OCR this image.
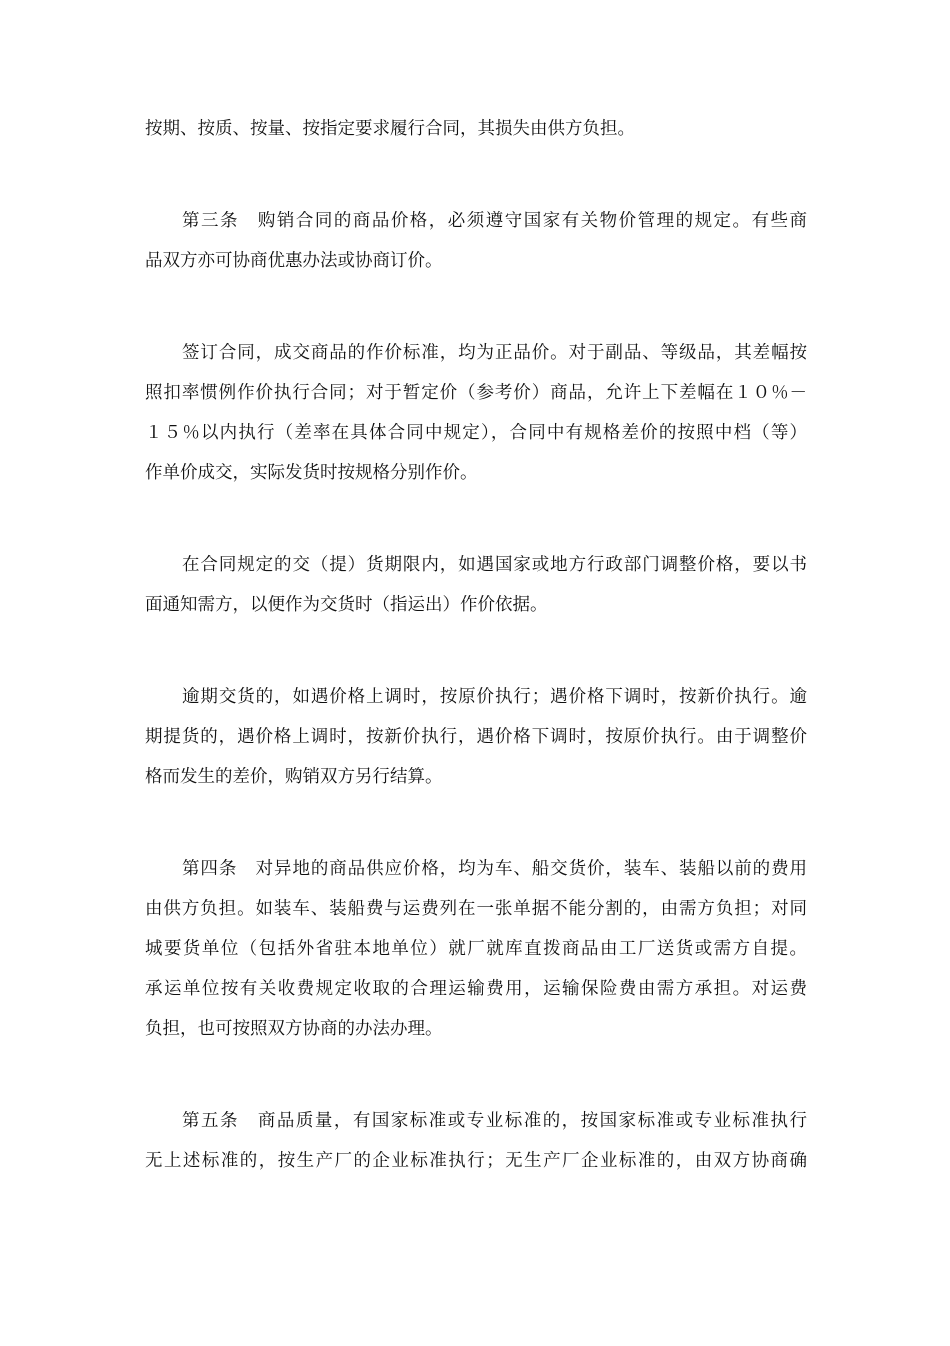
按期、按质、按量、按指定要求履行合同，其损失由供方负担。
第三条　购销合同的商品价格，必须遵守国家有关物价管理的规定。有些商
品双方亦可协商优惠办法或协商订价。
签订合同，成交商品的作价标准，均为正品价。对于副品、等级品，其差幅按
照扣率惯例作价执行合同；对于暂定价（参考价）商品，允许上下差幅在１０％－
１５％以内执行（差率在具体合同中规定），合同中有规格差价的按照中档（等）
作单价成交，实际发货时按规格分别作价。
在合同规定的交（提）货期限内，如遇国家或地方行政部门调整价格，要以书
面通知需方，以便作为交货时（指运出）作价依据。
逾期交货的，如遇价格上调时，按原价执行；遇价格下调时，按新价执行。逾
期提货的，遇价格上调时，按新价执行，遇价格下调时，按原价执行。由于调整价
格而发生的差价，购销双方另行结算。
第四条　对异地的商品供应价格，均为车、船交货价，装车、装船以前的费用
由供方负担。如装车、装船费与运费列在一张单据不能分割的，由需方负担；对同
城要货单位（包括外省驻本地单位）就厂就库直拨商品由工厂送货或需方自提。
承运单位按有关收费规定收取的合理运输费用，运输保险费由需方承担。对运费
负担，也可按照双方协商的办法办理。
第五条　商品质量，有国家标准或专业标准的，按国家标准或专业标准执行
无上述标准的，按生产厂的企业标准执行；无生产厂企业标准的，由双方协商确
